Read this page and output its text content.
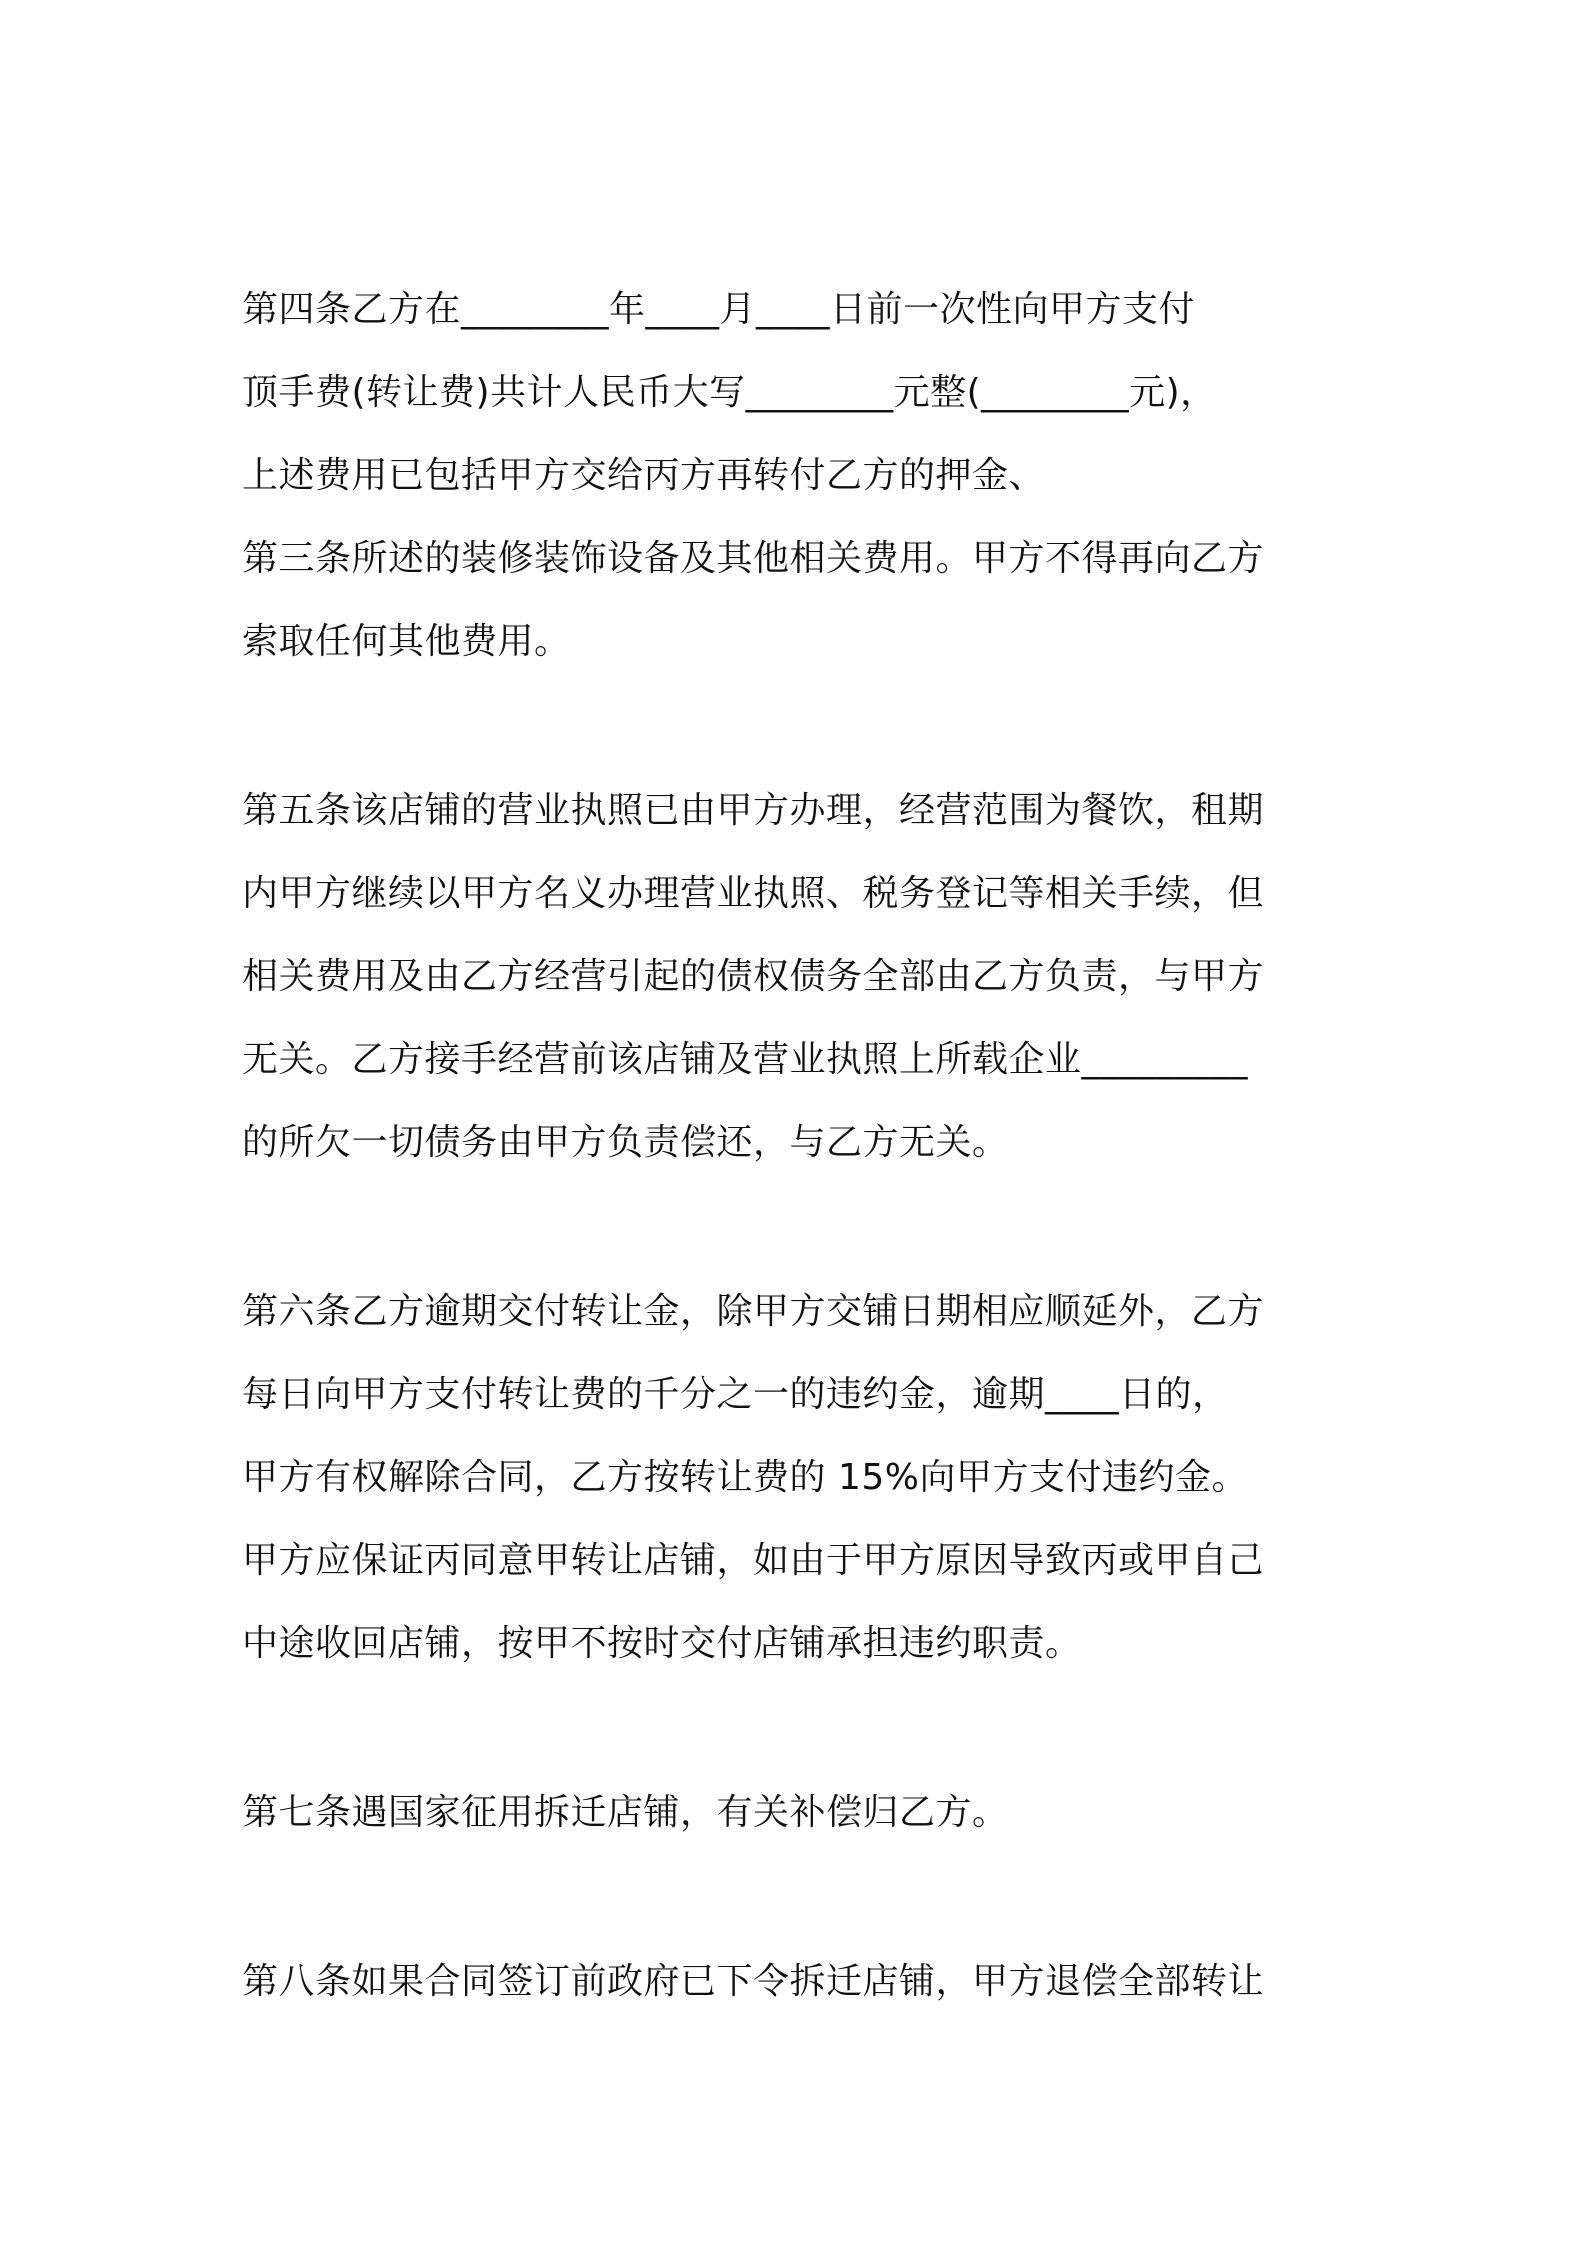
第四条乙方在________年____月____日前一次性向甲方支付
顶手费(转让费)共计人民币大写________元整(________元)，
上述费用已包括甲方交给丙方再转付乙方的押金、
第三条所述的装修装饰设备及其他相关费用。甲方不得再向乙方
索取任何其他费用。
第五条该店铺的营业执照已由甲方办理，经营范围为餐饮，租期
内甲方继续以甲方名义办理营业执照、税务登记等相关手续，但
相关费用及由乙方经营引起的债权债务全部由乙方负责，与甲方
无关。乙方接手经营前该店铺及营业执照上所载企业_________
的所欠一切债务由甲方负责偿还，与乙方无关。
第六条乙方逾期交付转让金，除甲方交铺日期相应顺延外，乙方
每日向甲方支付转让费的千分之一的违约金，逾期____日的，
甲方有权解除合同，乙方按转让费的 15%向甲方支付违约金。
甲方应保证丙同意甲转让店铺，如由于甲方原因导致丙或甲自己
中途收回店铺，按甲不按时交付店铺承担违约职责。
第七条遇国家征用拆迁店铺，有关补偿归乙方。
第八条如果合同签订前政府已下令拆迁店铺，甲方退偿全部转让
